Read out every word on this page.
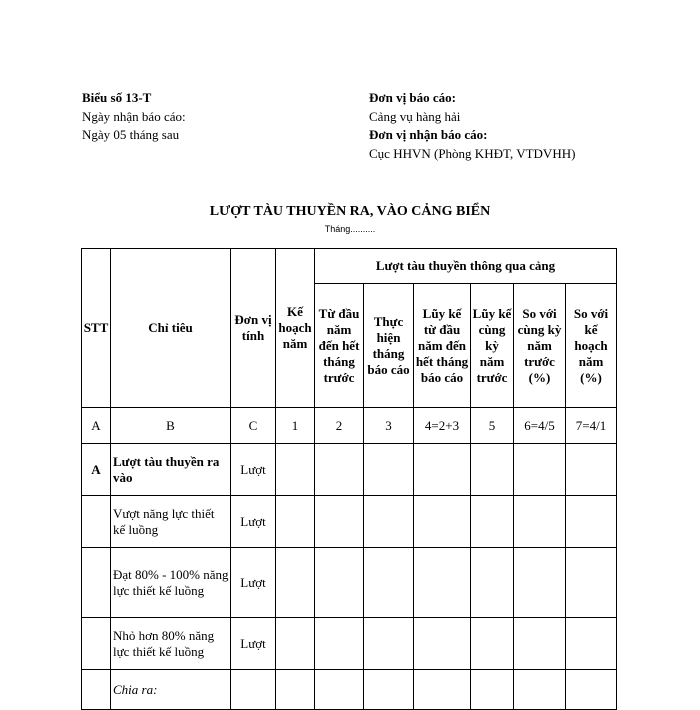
Biểu số 13-T
Ngày nhận báo cáo:
Ngày 05 tháng sau
Đơn vị báo cáo:
Cảng vụ hàng hải
Đơn vị nhận báo cáo:
Cục HHVN (Phòng KHĐT, VTDVHH)
LƯỢT TÀU THUYỀN RA, VÀO CẢNG BIỂN
Tháng..........
STT	Chỉ tiêu	Đơn vị tính	Kế hoạch năm	Lượt tàu thuyền thông qua cảng					
				Từ đầu năm đến hết tháng trước	Thực hiện tháng báo cáo	Lũy kế từ đầu năm đến hết tháng báo cáo	Lũy kế cùng kỳ năm trước	So với cùng kỳ năm trước (%)	So với kế hoạch năm (%)
A	B	C	1	2	3	4=2+3	5	6=4/5	7=4/1
A	Lượt tàu thuyền ra vào	Lượt							
	Vượt năng lực thiết kế luồng	Lượt							
	Đạt 80% - 100% năng lực thiết kế luồng	Lượt							
	Nhỏ hơn 80% năng lực thiết kế luồng	Lượt							
	Chia ra:								
